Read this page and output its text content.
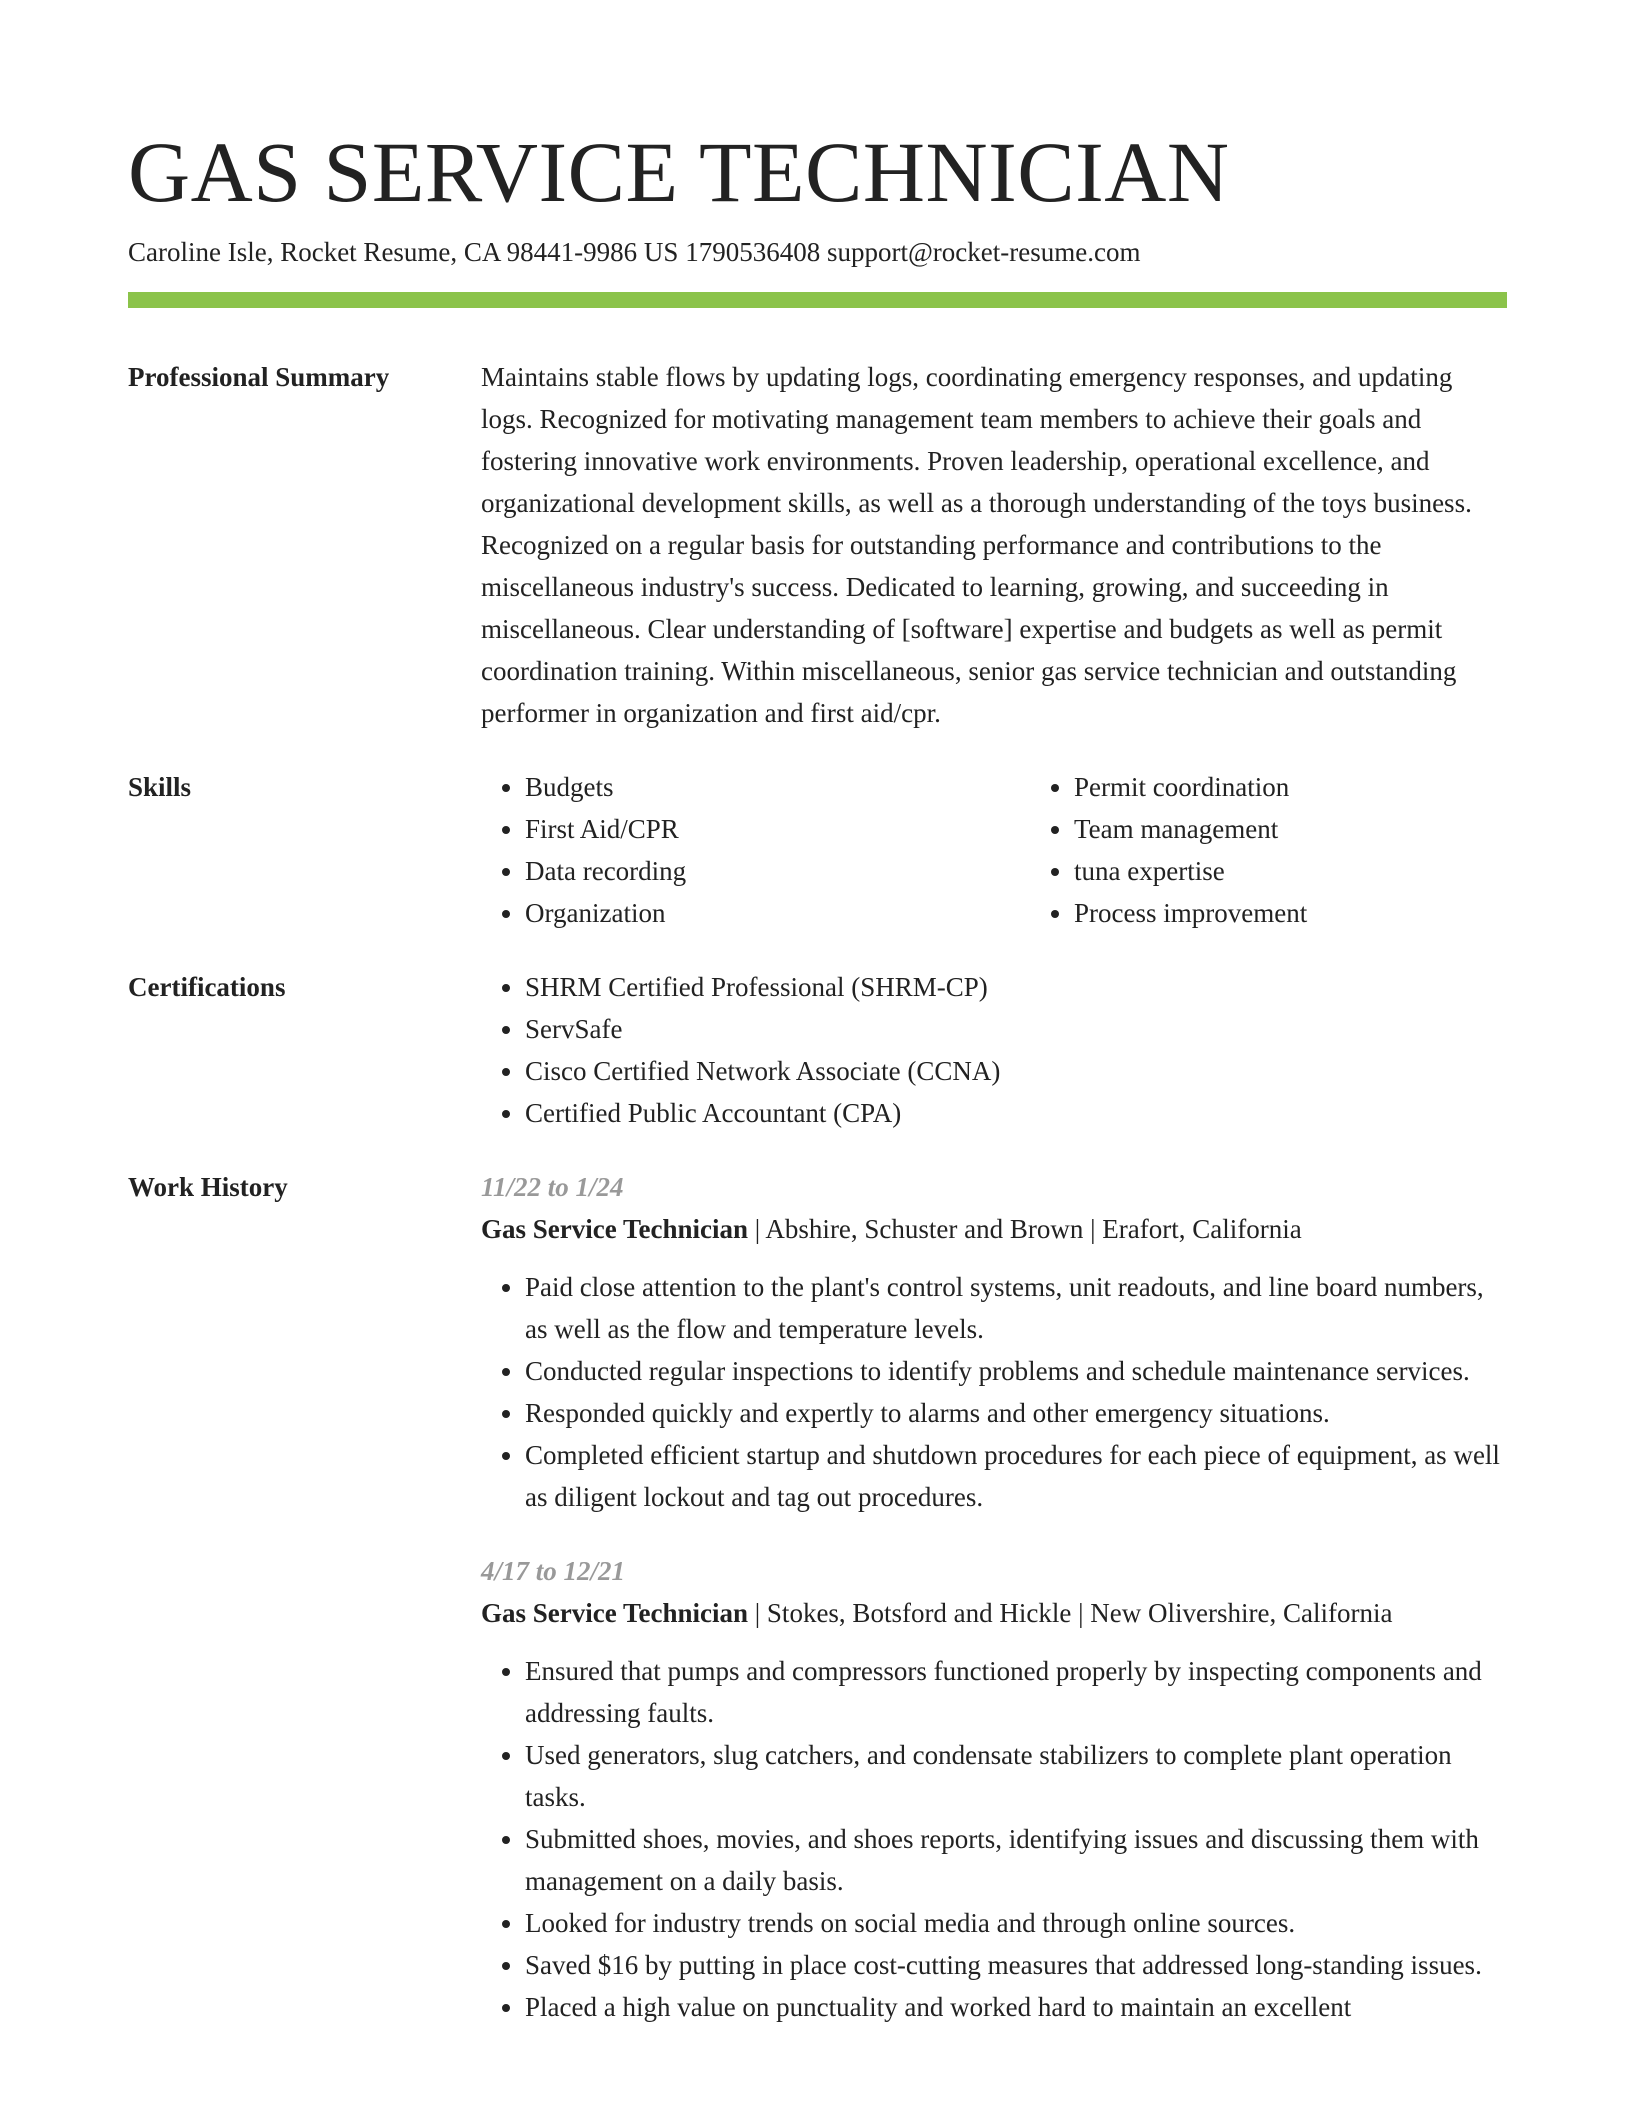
GAS SERVICE TECHNICIAN
Caroline Isle, Rocket Resume, CA 98441-9986 US 1790536408 support@rocket-resume.com
Professional Summary	Maintains stable flows by updating logs, coordinating emergency responses, and updating logs. Recognized for motivating management team members to achieve their goals and fostering innovative work environments. Proven leadership, operational excellence, and organizational development skills, as well as a thorough understanding of the toys business. Recognized on a regular basis for outstanding performance and contributions to the miscellaneous industry's success. Dedicated to learning, growing, and succeeding in miscellaneous. Clear understanding of [software] expertise and budgets as well as permit coordination training. Within miscellaneous, senior gas service technician and outstanding performer in organization and first aid/cpr.
Skills	• Budgets
• First Aid/CPR
• Data recording
• Organization
• Permit coordination
• Team management
• tuna expertise
• Process improvement
Certifications	• SHRM Certified Professional (SHRM-CP)
• ServSafe
• Cisco Certified Network Associate (CCNA)
• Certified Public Accountant (CPA)
Work History	11/22 to 1/24
Gas Service Technician | Abshire, Schuster and Brown | Erafort, California
• Paid close attention to the plant's control systems, unit readouts, and line board numbers, as well as the flow and temperature levels.
• Conducted regular inspections to identify problems and schedule maintenance services.
• Responded quickly and expertly to alarms and other emergency situations.
• Completed efficient startup and shutdown procedures for each piece of equipment, as well as diligent lockout and tag out procedures.
4/17 to 12/21
Gas Service Technician | Stokes, Botsford and Hickle | New Olivershire, California
• Ensured that pumps and compressors functioned properly by inspecting components and addressing faults.
• Used generators, slug catchers, and condensate stabilizers to complete plant operation tasks.
• Submitted shoes, movies, and shoes reports, identifying issues and discussing them with management on a daily basis.
• Looked for industry trends on social media and through online sources.
• Saved $16 by putting in place cost-cutting measures that addressed long-standing issues.
• Placed a high value on punctuality and worked hard to maintain an excellent
